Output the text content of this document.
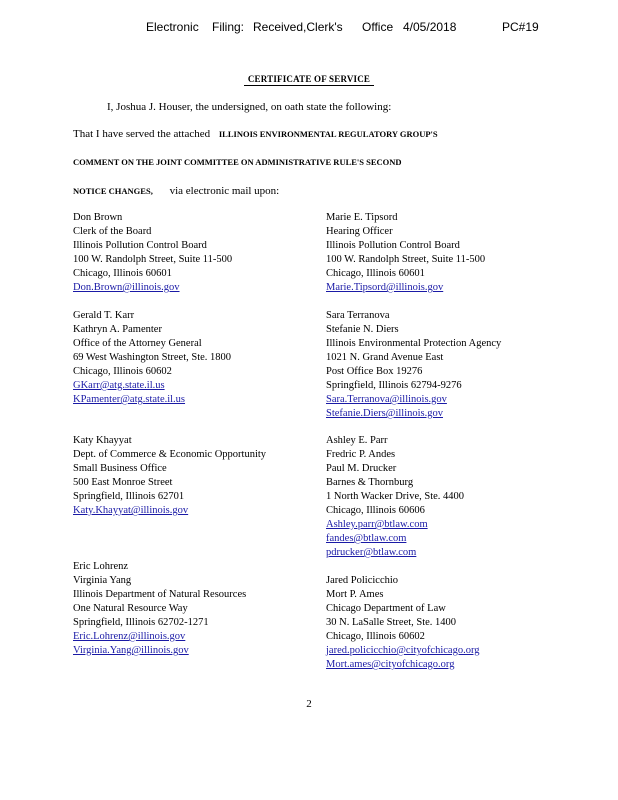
Electronic Filing: Received,Clerk's Office 4/05/2018	PC#19
CERTIFICATE OF SERVICE
I, Joshua J. Houser, the undersigned, on oath state the following:
That I have served the attached ILLINOIS ENVIRONMENTAL REGULATORY GROUP'S
COMMENT ON THE JOINT COMMITTEE ON ADMINISTRATIVE RULE'S SECOND
NOTICE CHANGES, via electronic mail upon:
Don Brown
Clerk of the Board
Illinois Pollution Control Board
100 W. Randolph Street, Suite 11-500
Chicago, Illinois 60601
Don.Brown@illinois.gov
Gerald T. Karr
Kathryn A. Pamenter
Office of the Attorney General
69 West Washington Street, Ste. 1800
Chicago, Illinois 60602
GKarr@atg.state.il.us
KPamenter@atg.state.il.us
Katy Khayyat
Dept. of Commerce & Economic Opportunity
Small Business Office
500 East Monroe Street
Springfield, Illinois 62701
Katy.Khayyat@illinois.gov
Eric Lohrenz
Virginia Yang
Illinois Department of Natural Resources
One Natural Resource Way
Springfield, Illinois 62702-1271
Eric.Lohrenz@illinois.gov
Virginia.Yang@illinois.gov
Marie E. Tipsord
Hearing Officer
Illinois Pollution Control Board
100 W. Randolph Street, Suite 11-500
Chicago, Illinois 60601
Marie.Tipsord@illinois.gov
Sara Terranova
Stefanie N. Diers
Illinois Environmental Protection Agency
1021 N. Grand Avenue East
Post Office Box 19276
Springfield, Illinois 62794-9276
Sara.Terranova@illinois.gov
Stefanie.Diers@illinois.gov
Ashley E. Parr
Fredric P. Andes
Paul M. Drucker
Barnes & Thornburg
1 North Wacker Drive, Ste. 4400
Chicago, Illinois 60606
Ashley.parr@btlaw.com
fandes@btlaw.com
pdrucker@btlaw.com
Jared Policicchio
Mort P. Ames
Chicago Department of Law
30 N. LaSalle Street, Ste. 1400
Chicago, Illinois 60602
jared.policicchio@cityofchicago.org
Mort.ames@cityofchicago.org
2
